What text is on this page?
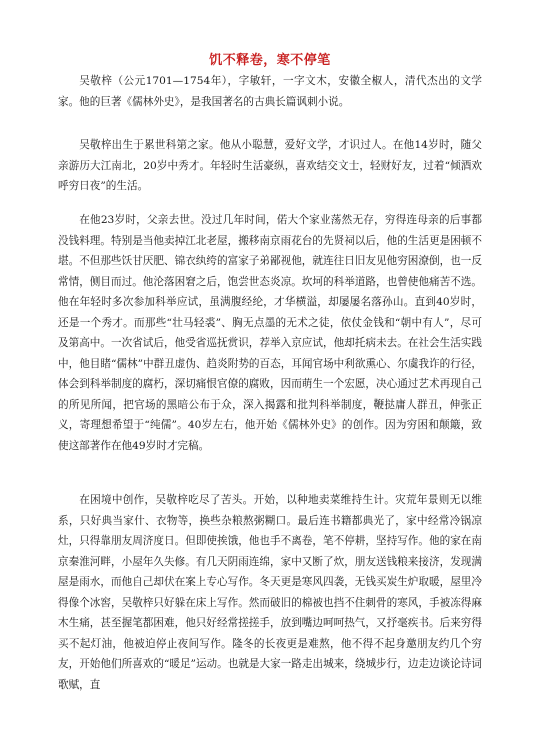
饥不释卷，寒不停笔

吴敬梓（公元1701—1754年），字敏轩，一字文木，安徽全椒人，清代杰出的文学家。他的巨著《儒林外史》，是我国著名的古典长篇讽刺小说。

吴敬梓出生于累世科第之家。他从小聪慧，爱好文学，才识过人。在他14岁时，随父亲游历大江南北，20岁中秀才。年轻时生活豪纵，喜欢结交文士，轻财好友，过着“倾酒欢呼穷日夜”的生活。

在他23岁时，父亲去世。没过几年时间，偌大个家业荡然无存，穷得连母亲的后事都没钱料理。特别是当他卖掉江北老屋，搬移南京雨花台的先贤祠以后，他的生活更是困顿不堪。不但那些饫甘厌肥、锦衣纨绔的富家子弟鄙视他，就连往日旧友见他穷困潦倒，也一反常情，侧目而过。他沦落困窘之后，饱尝世态炎凉。坎坷的科举道路，也曾使他痛苦不选。他在年轻时多次参加科举应试，虽满腹经纶，才华横溢，却屡屡名落孙山。直到40岁时，还是一个秀才。而那些“壮马轻裘”、胸无点墨的无术之徒，依仗金钱和“朝中有人”，尽可及第高中。一次省试后，他受省巡抚赏识，荐举入京应试，他却托病未去。在社会生活实践中，他目睹“儒林”中群丑虚伪、趋炎附势的百态，耳闻官场中利欲熏心、尔虞我诈的行径，体会到科举制度的腐朽，深切痛恨官僚的腐败，因而萌生一个宏愿，决心通过艺术再现自己的所见所闻，把官场的黑暗公布于众，深入揭露和批判科举制度，鞭挞庸人群丑，伸张正义，寄理想希望于“纯儒”。40岁左右，他开始《儒林外史》的创作。因为穷困和颠簸，致使这部著作在他49岁时才完稿。

在困境中创作，吴敬梓吃尽了苦头。开始，以种地卖菜维持生计。灾荒年景则无以维系，只好典当家什、衣物等，换些杂粮熬粥糊口。最后连书籍都典光了，家中经常冷锅凉灶，只得靠朋友周济度日。但即使挨饿，他也手不离卷，笔不停耕，坚持写作。他的家在南京秦淮河畔，小屋年久失修。有几天阴雨连绵，家中又断了炊，朋友送钱粮来接济，发现满屋是雨水，而他自己却伏在案上专心写作。冬天更是寒风四袭，无钱买炭生炉取暖，屋里冷得像个冰窖，吴敬梓只好躲在床上写作。然而破旧的棉被也挡不住刺骨的寒风，手被冻得麻木生痛，甚至握笔都困难，他只好经常搓搓手，放到嘴边呵呵热气，又抒毫疾书。后来穷得买不起灯油，他被迫停止夜间写作。隆冬的长夜更是难熬，他不得不起身邀朋友约几个穷友，开始他们所喜欢的“暖足”运动。也就是大家一路走出城来，绕城步行，边走边谈论诗词歌赋，直
